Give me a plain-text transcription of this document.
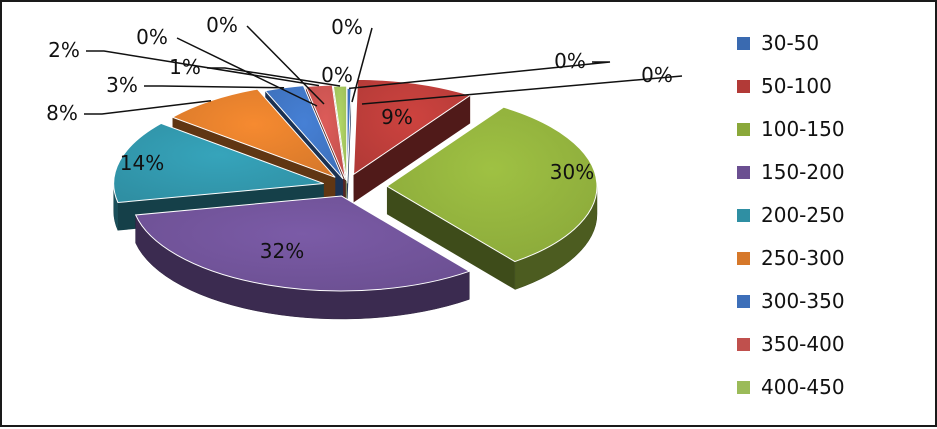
0%
9%
30%
32%
14%
8%
3%
2%
1%
0% 0%	0%
0%
0%
30-50
50-100
100-150
150-200
200-250
250-300
300-350
350-400
400-450
